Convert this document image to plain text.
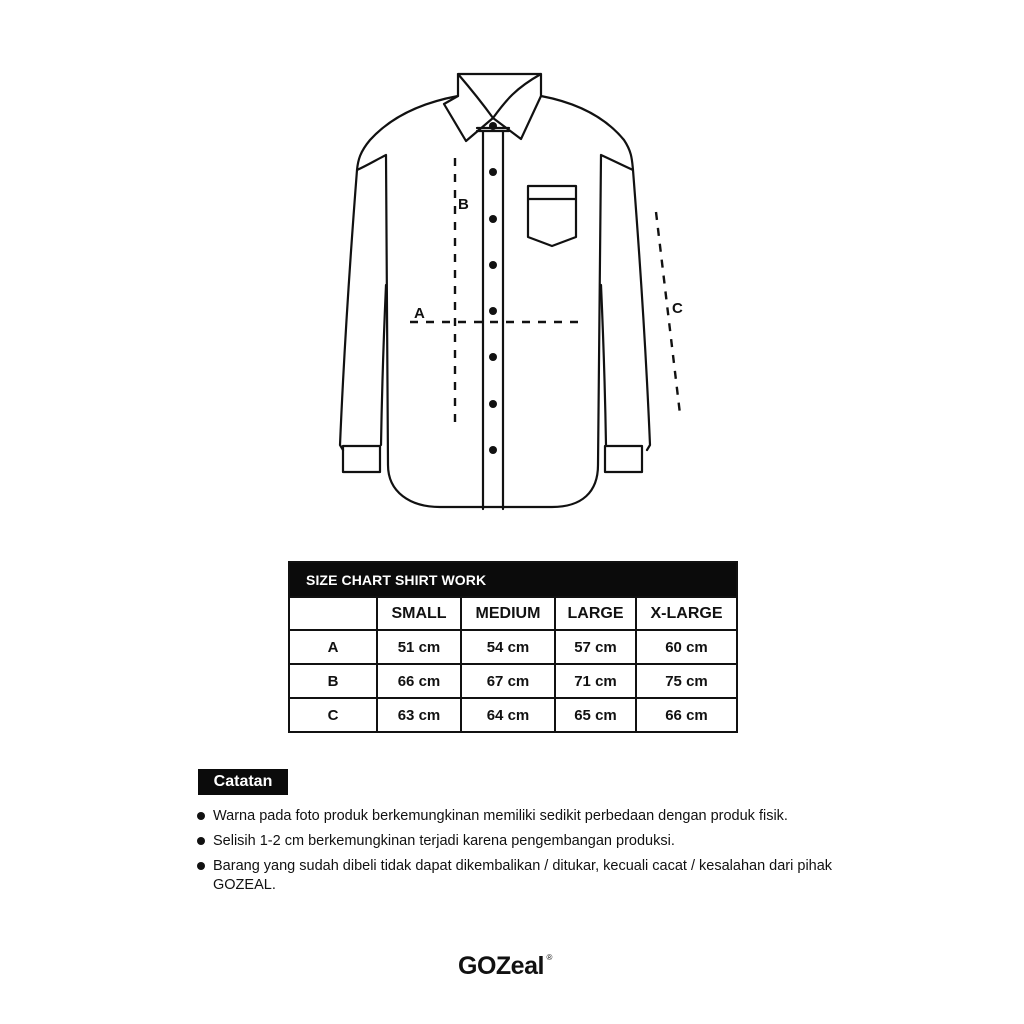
B
A	C
SIZE CHART SHIRT WORK				
	SMALL	MEDIUM	LARGE	X-LARGE
A	51 cm	54 cm	57 cm	60 cm
B	66 cm	67 cm	71 cm	75 cm
C	63 cm	64 cm	65 cm	66 cm
Catatan
Warna pada foto produk berkemungkinan memiliki sedikit perbedaan dengan produk fisik.
Selisih 1-2 cm berkemungkinan terjadi karena pengembangan produksi.
Barang yang sudah dibeli tidak dapat dikembalikan / ditukar, kecuali cacat / kesalahan dari pihak GOZEAL.
GOZeal ®
